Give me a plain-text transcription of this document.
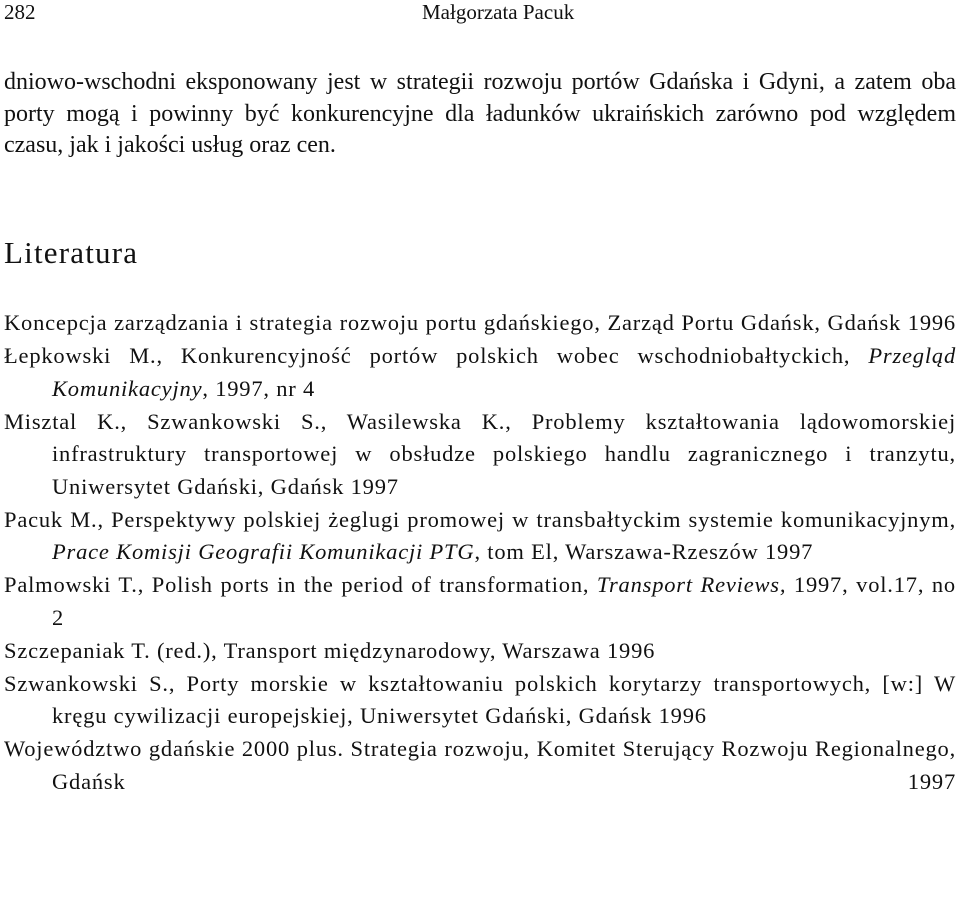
282	Małgorzata Pacuk

dniowo-wschodni eksponowany jest w strategii rozwoju portów Gdańska i Gdyni, a zatem oba porty mogą i powinny być konkurencyjne dla ładunków ukraińskich zarówno pod względem czasu, jak i jakości usług oraz cen.

Literatura
Koncepcja zarządzania i strategia rozwoju portu gdańskiego, Zarząd Portu Gdańsk, Gdańsk 1996
Łepkowski M., Konkurencyjność portów polskich wobec wschodniobałtyckich, Przegląd Komunikacyjny, 1997, nr 4
Misztal K., Szwankowski S., Wasilewska K., Problemy kształtowania lądowomorskiej infrastruktury transportowej w obsłudze polskiego handlu zagranicznego i tranzytu, Uniwersytet Gdański, Gdańsk 1997
Pacuk M., Perspektywy polskiej żeglugi promowej w transbałtyckim systemie komunikacyjnym, Prace Komisji Geografii Komunikacji PTG, tom El, Warszawa-Rzeszów 1997
Palmowski T., Polish ports in the period of transformation, Transport Reviews, 1997, vol.17, no 2
Szczepaniak T. (red.), Transport międzynarodowy, Warszawa 1996
Szwankowski S., Porty morskie w kształtowaniu polskich korytarzy transportowych, [w:] W kręgu cywilizacji europejskiej, Uniwersytet Gdański, Gdańsk 1996
Województwo gdańskie 2000 plus. Strategia rozwoju, Komitet Sterujący Rozwoju Regionalnego, Gdańsk 1997
